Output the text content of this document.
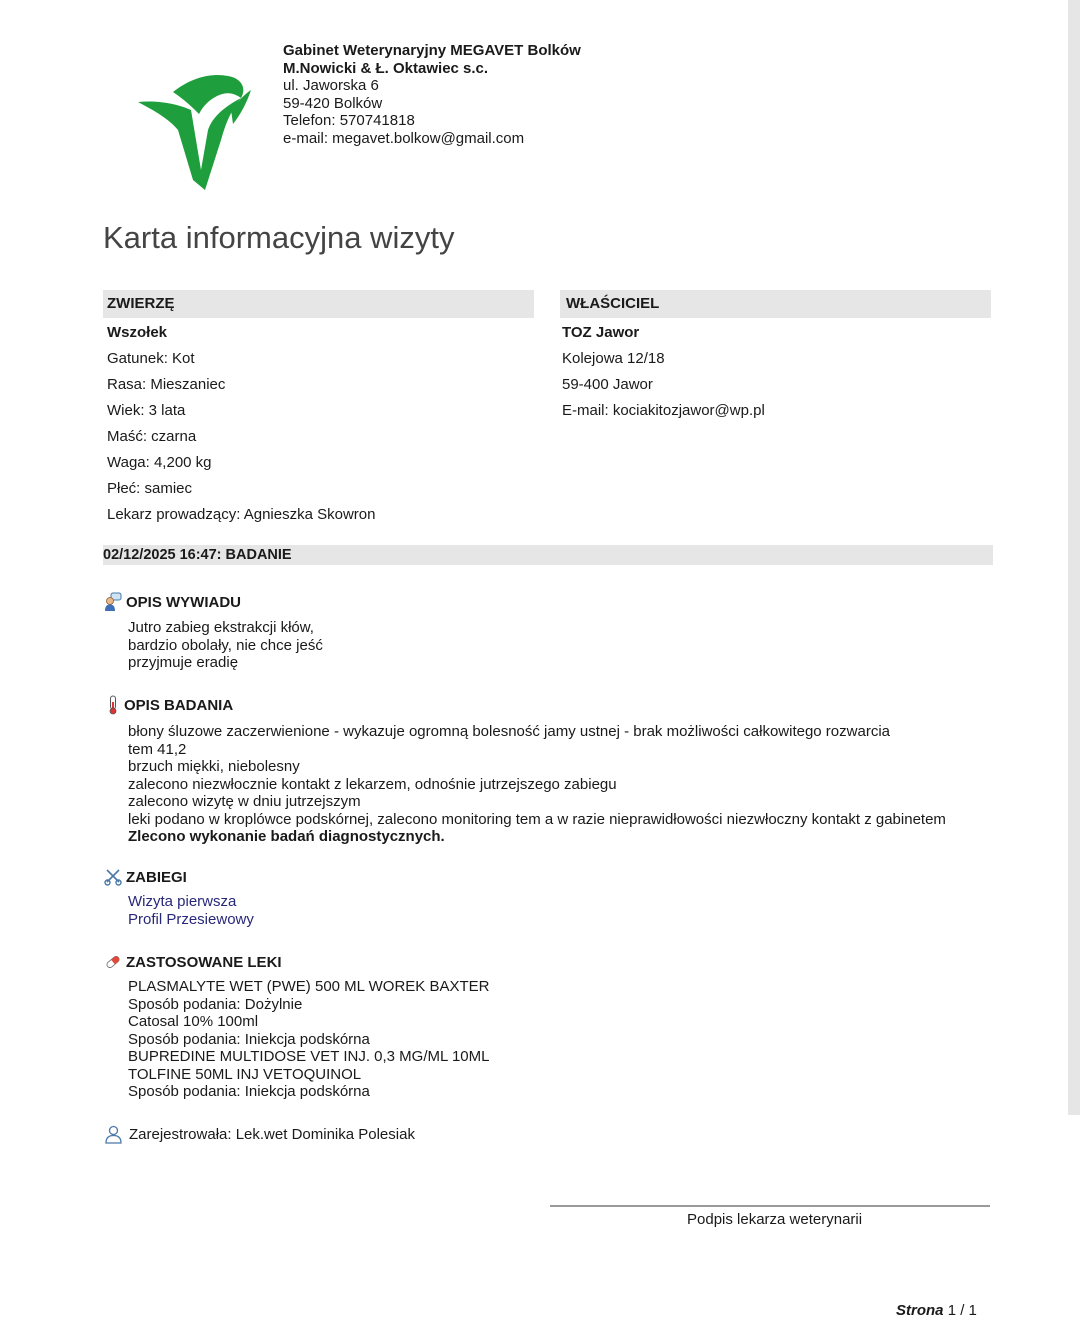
Gabinet Weterynaryjny MEGAVET Bolków
M.Nowicki & Ł. Oktawiec s.c.
ul. Jaworska 6
59-420 Bolków
Telefon: 570741818
e-mail: megavet.bolkow@gmail.com
Karta informacyjna wizyty
ZWIERZĘ
Wszołek
Gatunek: Kot
Rasa: Mieszaniec
Wiek: 3 lata
Maść: czarna
Waga: 4,200 kg
Płeć: samiec
Lekarz prowadzący: Agnieszka Skowron
WŁAŚCICIEL
TOZ Jawor
Kolejowa 12/18
59-400 Jawor
E-mail: kociakitozjawor@wp.pl
02/12/2025 16:47: BADANIE
OPIS WYWIADU
Jutro zabieg ekstrakcji kłów,
bardzio obolały, nie chce jeść
przyjmuje eradię
OPIS BADANIA
błony śluzowe zaczerwienione - wykazuje ogromną bolesność jamy ustnej - brak możliwości całkowitego rozwarcia
tem 41,2
brzuch miękki, niebolesny
zalecono niezwłocznie kontakt z lekarzem, odnośnie jutrzejszego zabiegu
zalecono wizytę w dniu jutrzejszym
leki podano w kroplówce podskórnej, zalecono monitoring tem a w razie nieprawidłowości niezwłoczny kontakt z gabinetem
Zlecono wykonanie badań diagnostycznych.
ZABIEGI
Wizyta pierwsza
Profil Przesiewowy
ZASTOSOWANE LEKI
PLASMALYTE WET (PWE) 500 ML WOREK BAXTER
Sposób podania: Dożylnie
Catosal 10% 100ml
Sposób podania: Iniekcja podskórna
BUPREDINE MULTIDOSE VET INJ. 0,3 MG/ML 10ML
TOLFINE 50ML INJ VETOQUINOL
Sposób podania: Iniekcja podskórna
Zarejestrowała: Lek.wet Dominika Polesiak
Podpis lekarza weterynarii
Strona 1 / 1
